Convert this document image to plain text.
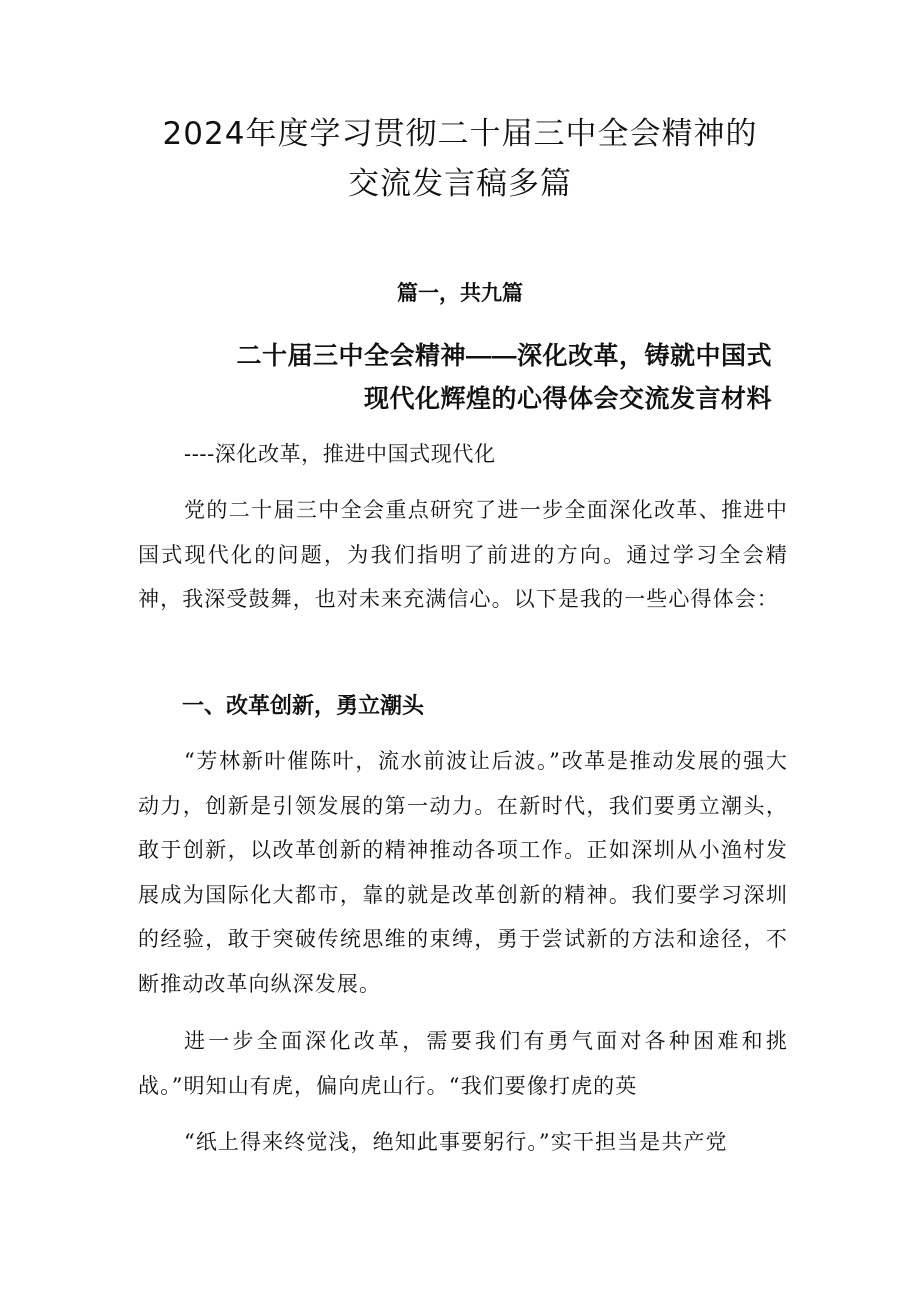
2024年度学习贯彻二十届三中全会精神的
交流发言稿多篇
篇一，共九篇
二十届三中全会精神——深化改革，铸就中国式
现代化辉煌的心得体会交流发言材料
----深化改革，推进中国式现代化

党的二十届三中全会重点研究了进一步全面深化改革、推进中国式现代化的问题，为我们指明了前进的方向。通过学习全会精神，我深受鼓舞，也对未来充满信心。以下是我的一些心得体会：

一、改革创新，勇立潮头

“芳林新叶催陈叶，流水前波让后波。”改革是推动发展的强大动力，创新是引领发展的第一动力。在新时代，我们要勇立潮头，敢于创新，以改革创新的精神推动各项工作。正如深圳从小渔村发展成为国际化大都市，靠的就是改革创新的精神。我们要学习深圳的经验，敢于突破传统思维的束缚，勇于尝试新的方法和途径，不断推动改革向纵深发展。

进一步全面深化改革，需要我们有勇气面对各种困难和挑战。”明知山有虎，偏向虎山行。“我们要像打虎的英

“纸上得来终觉浅，绝知此事要躬行。”实干担当是共产党
